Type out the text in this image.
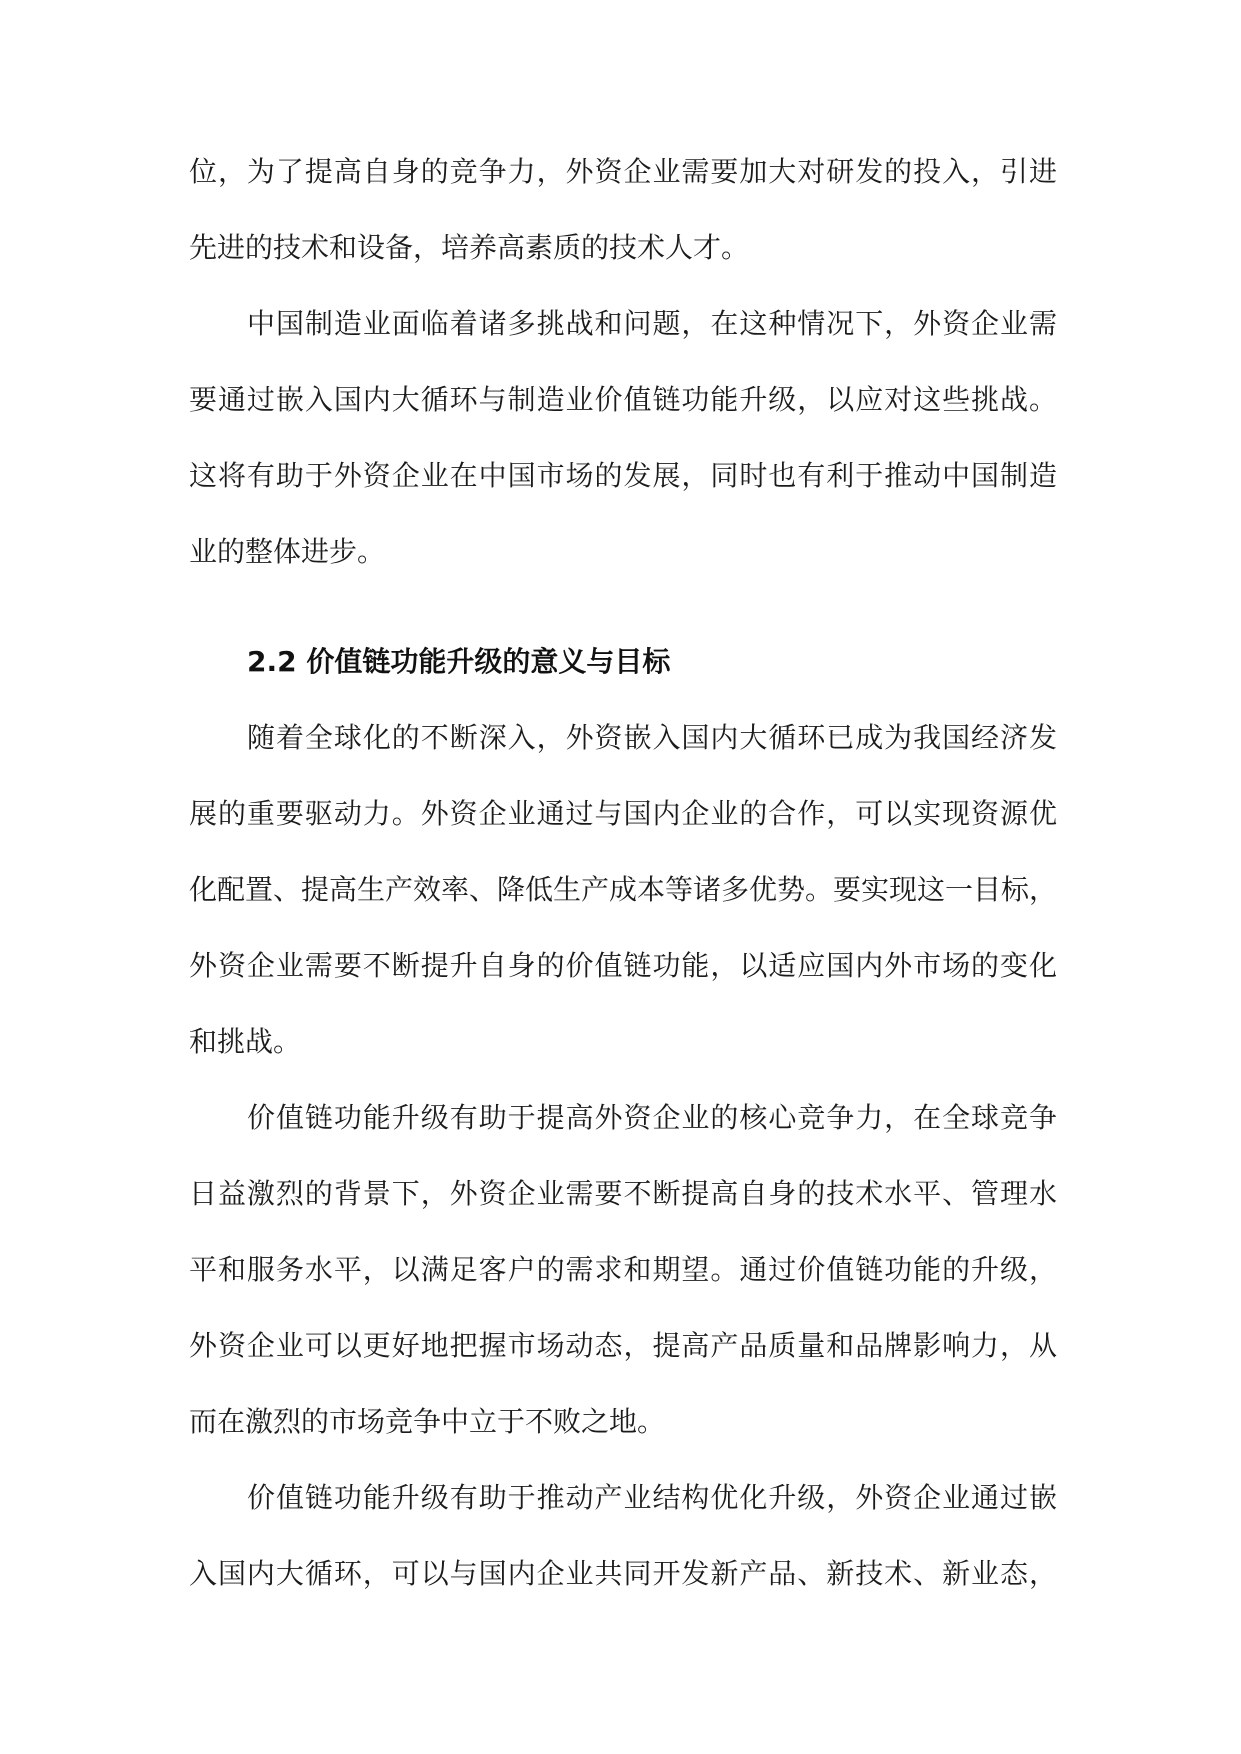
位，为了提高自身的竞争力，外资企业需要加大对研发的投入，引进
先进的技术和设备，培养高素质的技术人才。
中国制造业面临着诸多挑战和问题，在这种情况下，外资企业需
要通过嵌入国内大循环与制造业价值链功能升级，以应对这些挑战。
这将有助于外资企业在中国市场的发展，同时也有利于推动中国制造
业的整体进步。
2.2 价值链功能升级的意义与目标
随着全球化的不断深入，外资嵌入国内大循环已成为我国经济发
展的重要驱动力。外资企业通过与国内企业的合作，可以实现资源优
化配置、提高生产效率、降低生产成本等诸多优势。要实现这一目标，
外资企业需要不断提升自身的价值链功能，以适应国内外市场的变化
和挑战。
价值链功能升级有助于提高外资企业的核心竞争力，在全球竞争
日益激烈的背景下，外资企业需要不断提高自身的技术水平、管理水
平和服务水平，以满足客户的需求和期望。通过价值链功能的升级，
外资企业可以更好地把握市场动态，提高产品质量和品牌影响力，从
而在激烈的市场竞争中立于不败之地。
价值链功能升级有助于推动产业结构优化升级，外资企业通过嵌
入国内大循环，可以与国内企业共同开发新产品、新技术、新业态，
